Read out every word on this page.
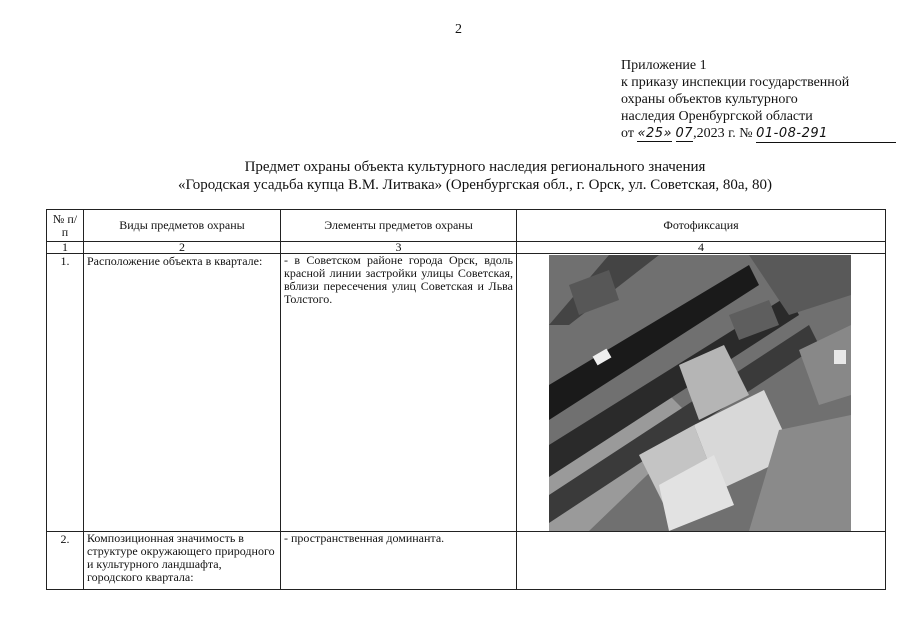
2
Приложение 1
к приказу инспекции государственной
охраны объектов культурного
наследия Оренбургской области
от «25» 07,2023 г. № 01-08-291
Предмет охраны объекта культурного наследия регионального значения
«Городская усадьба купца В.М. Литвака» (Оренбургская обл., г. Орск, ул. Советская, 80а, 80)
№ п/п	Виды предметов охраны	Элементы предметов охраны	Фотофиксация
1	2	3	4
1.	Расположение объекта в квартале:	- в Советском районе города Орск, вдоль красной линии застройки улицы Советская, вблизи пересечения улиц Советская и Льва Толстого.	

2.	Композиционная значимость в структуре окружающего природного и культурного ландшафта, городского квартала:	- пространственная доминанта.	
